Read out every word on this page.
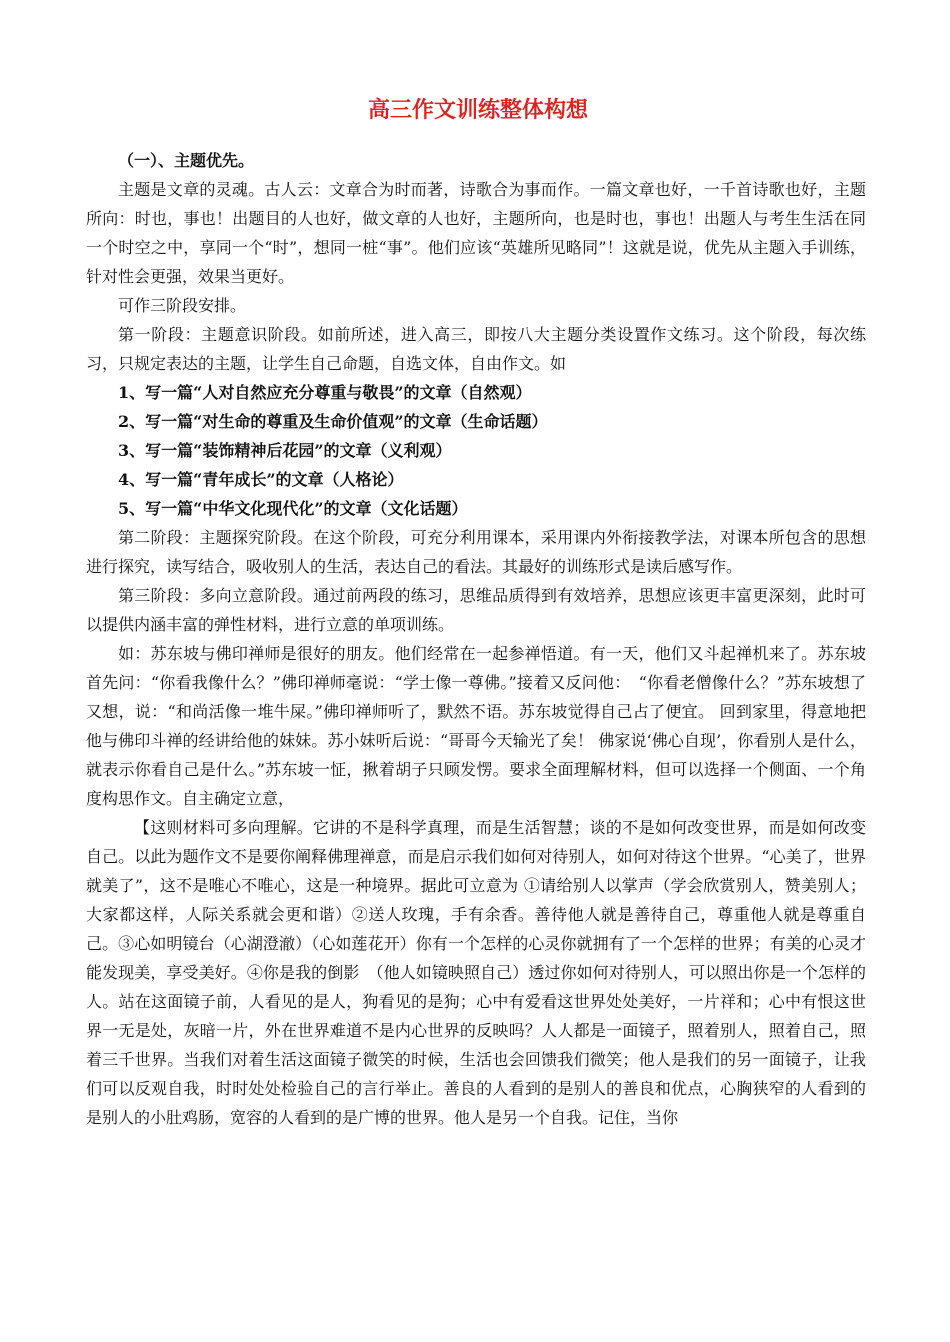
高三作文训练整体构想
（一）、主题优先。

主题是文章的灵魂。古人云：文章合为时而著，诗歌合为事而作。一篇文章也好，一千首诗歌也好，主题所向：时也，事也！出题目的人也好，做文章的人也好，主题所向，也是时也，事也！出题人与考生生活在同一个时空之中，享同一个“时”，想同一桩“事”。他们应该“英雄所见略同”！这就是说，优先从主题入手训练，针对性会更强，效果当更好。

可作三阶段安排。

第一阶段：主题意识阶段。如前所述，进入高三，即按八大主题分类设置作文练习。这个阶段，每次练习，只规定表达的主题，让学生自己命题，自选文体，自由作文。如

1、写一篇“人对自然应充分尊重与敬畏”的文章（自然观）
2、写一篇“对生命的尊重及生命价值观”的文章（生命话题）
3、写一篇“装饰精神后花园”的文章（义利观）
4、写一篇“青年成长”的文章（人格论）
5、写一篇“中华文化现代化”的文章（文化话题）

第二阶段：主题探究阶段。在这个阶段，可充分利用课本，采用课内外衔接教学法，对课本所包含的思想进行探究，读写结合，吸收别人的生活，表达自己的看法。其最好的训练形式是读后感写作。

第三阶段：多向立意阶段。通过前两段的练习，思维品质得到有效培养，思想应该更丰富更深刻，此时可以提供内涵丰富的弹性材料，进行立意的单项训练。

如：苏东坡与佛印禅师是很好的朋友。他们经常在一起参禅悟道。有一天，他们又斗起禅机来了。苏东坡首先问：“你看我像什么？”佛印禅师毫说：“学士像一尊佛。”接着又反问他：　“你看老僧像什么？”苏东坡想了又想，说：“和尚活像一堆牛屎。”佛印禅师听了，默然不语。苏东坡觉得自己占了便宜。 回到家里，得意地把他与佛印斗禅的经讲给他的妹妹。苏小妹听后说：“哥哥今天输光了矣！ 佛家说‘佛心自现’，你看别人是什么，就表示你看自己是什么。”苏东坡一怔，揪着胡子只顾发愣。要求全面理解材料，但可以选择一个侧面、一个角度构思作文。自主确定立意，

【这则材料可多向理解。它讲的不是科学真理，而是生活智慧；谈的不是如何改变世界，而是如何改变自己。以此为题作文不是要你阐释佛理禅意，而是启示我们如何对待别人，如何对待这个世界。“心美了，世界就美了”，这不是唯心不唯心，这是一种境界。据此可立意为 ①请给别人以掌声（学会欣赏别人，赞美别人；大家都这样，人际关系就会更和谐）②送人玫瑰，手有余香。善待他人就是善待自己，尊重他人就是尊重自己。③心如明镜台（心湖澄澈）（心如莲花开）你有一个怎样的心灵你就拥有了一个怎样的世界；有美的心灵才能发现美，享受美好。④你是我的倒影　（他人如镜映照自己）透过你如何对待别人，可以照出你是一个怎样的人。站在这面镜子前，人看见的是人，狗看见的是狗；心中有爱看这世界处处美好，一片祥和；心中有恨这世界一无是处，灰暗一片，外在世界难道不是内心世界的反映吗？人人都是一面镜子，照着别人，照着自己，照着三千世界。当我们对着生活这面镜子微笑的时候，生活也会回馈我们微笑；他人是我们的另一面镜子，让我们可以反观自我，时时处处检验自己的言行举止。善良的人看到的是别人的善良和优点，心胸狭窄的人看到的是别人的小肚鸡肠，宽容的人看到的是广博的世界。他人是另一个自我。记住，当你
